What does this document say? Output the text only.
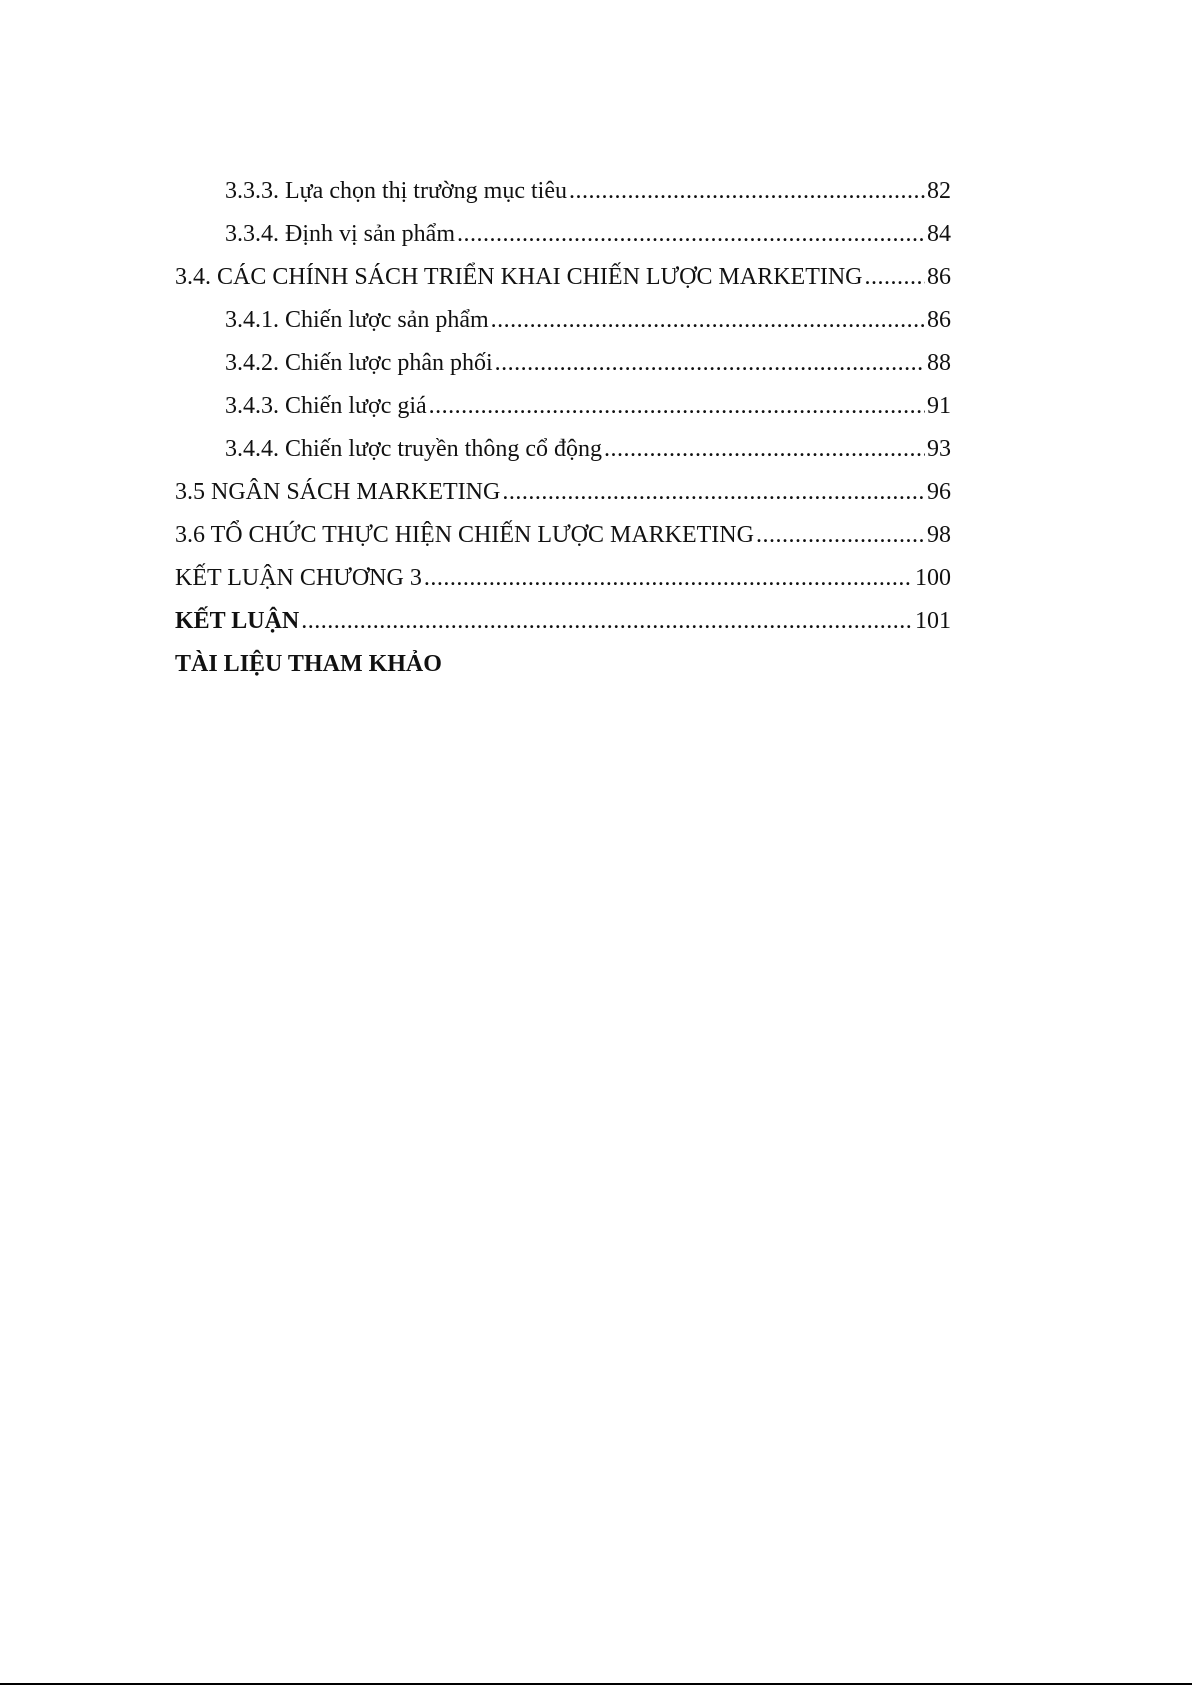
3.3.3. Lựa chọn thị trường mục tiêu .....	82
3.3.4. Định vị sản phẩm .....	84
3.4. CÁC CHÍNH SÁCH TRIỂN KHAI CHIẾN LƯỢC MARKETING .....	86
3.4.1. Chiến lược sản phẩm .....	86
3.4.2. Chiến lược phân phối .....	88
3.4.3. Chiến lược giá .....	91
3.4.4. Chiến lược truyền thông cổ động .....	93
3.5 NGÂN SÁCH MARKETING .....	96
3.6 TỔ CHỨC THỰC HIỆN CHIẾN LƯỢC MARKETING .....	98
KẾT LUẬN CHƯƠNG 3 .....	100
KẾT LUẬN .....	101
TÀI LIỆU THAM KHẢO
